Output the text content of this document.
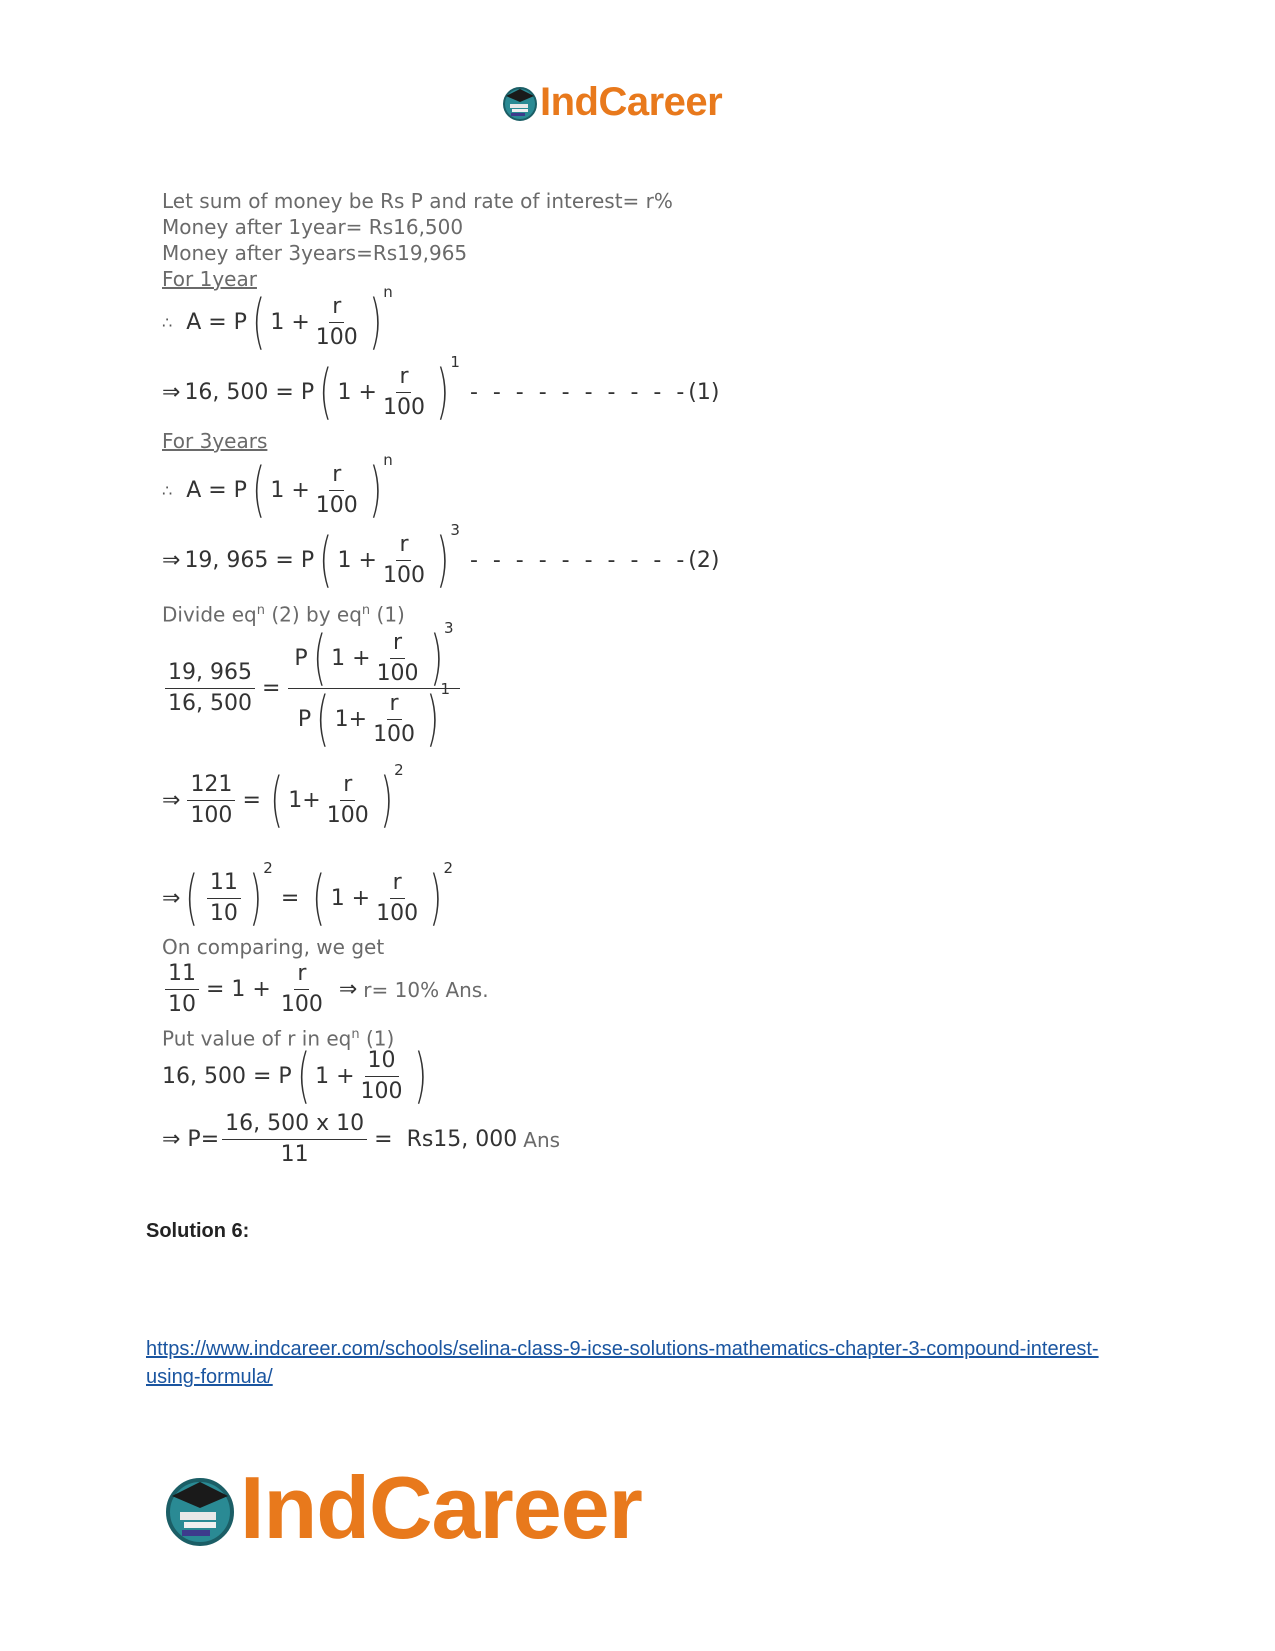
IndCareer
Let sum of money be Rs P and rate of interest= r%
Money after 1year= Rs16,500
Money after 3years=Rs19,965
For 1year
∴ A = P ( $1 + \frac{r}{100}$ ) n
⇒ 16, 500 = P ( $1 + \frac{r}{100}$ ) 1
- - - - - - - - - - (1)
For 3years
∴ A = P ( $1 + \frac{r}{100}$ ) n
⇒ 19, 965 = P ( $1 + \frac{r}{100}$ ) 3
- - - - - - - - - - (2)
Divide $eq^n$ (2) by $eq^n$ (1)
$\frac{19, 965}{16, 500} = \frac{P ( 1 + \frac{r}{100} ) 3}{P ( 1+ \frac{r}{100} ) 1}$
⇒ $\frac{121}{100}$ = ( $1+ \frac{r}{100}$ ) 2
⇒ ( $\frac{11}{10}$ ) 2
= ( $1 + \frac{r}{100}$ ) 2
On comparing, we get
$\frac{11}{10} = 1 + \frac{r}{100}$ ⇒ r= 10% Ans.
Put value of r in $eq^n$ (1)
16, 500 = P ( $1 + \frac{10}{100}$ )
⇒ $P= \frac{16, 500 x 10}{11} = Rs15$, 000 Ans
Solution 6:
https://www.indcareer.com/schools/selina-class-9-icse-solutions-mathematics-chapter-3-compound-interest-using-formula/
IndCareer
